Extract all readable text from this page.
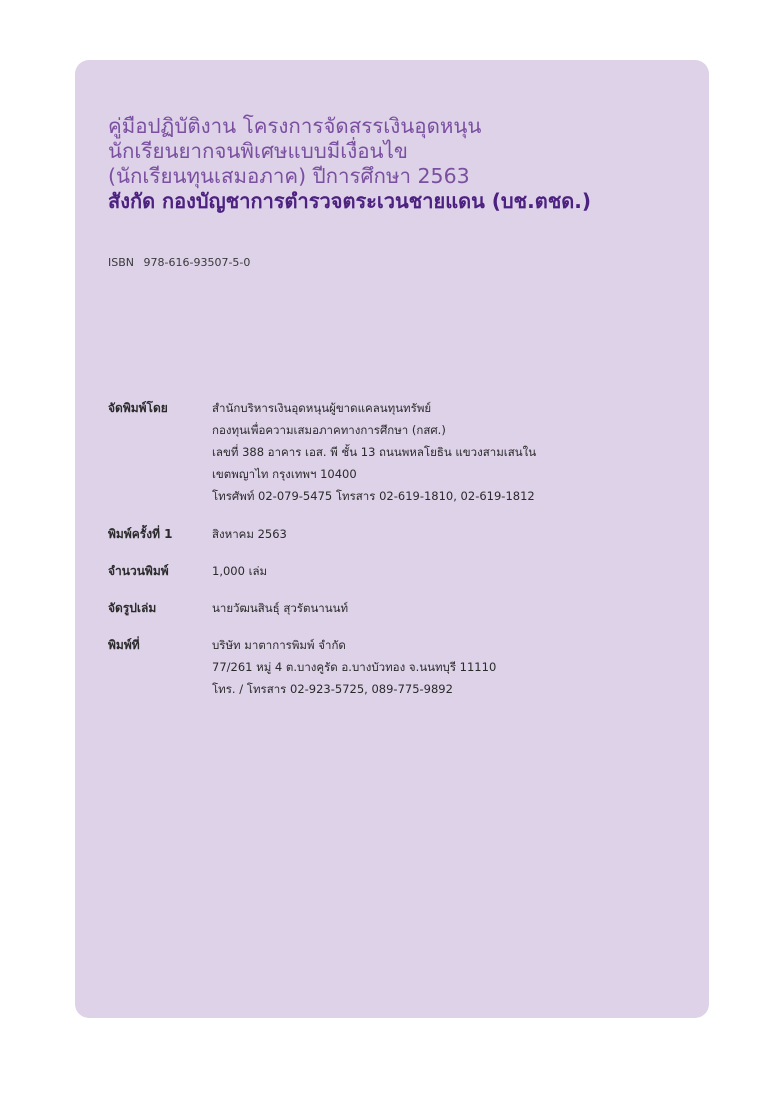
คู่มือปฏิบัติงาน โครงการจัดสรรเงินอุดหนุน
นักเรียนยากจนพิเศษแบบมีเงื่อนไข
(นักเรียนทุนเสมอภาค) ปีการศึกษา 2563
สังกัด กองบัญชาการตำรวจตระเวนชายแดน (บช.ตชด.)
ISBN 978-616-93507-5-0
จัดพิมพ์โดย	สำนักบริหารเงินอุดหนุนผู้ขาดแคลนทุนทรัพย์
กองทุนเพื่อความเสมอภาคทางการศึกษา (กสศ.)
เลขที่ 388 อาคาร เอส. พี ชั้น 13 ถนนพหลโยธิน แขวงสามเสนใน
เขตพญาไท กรุงเทพฯ 10400
โทรศัพท์ 02-079-5475 โทรสาร 02-619-1810, 02-619-1812
พิมพ์ครั้งที่ 1	สิงหาคม 2563
จำนวนพิมพ์	1,000 เล่ม
จัดรูปเล่ม	นายวัฒนสินธุ์ สุวรัตนานนท์
พิมพ์ที่	บริษัท มาตาการพิมพ์ จำกัด
77/261 หมู่ 4 ต.บางคูรัด อ.บางบัวทอง จ.นนทบุรี 11110
โทร. / โทรสาร 02-923-5725, 089-775-9892
